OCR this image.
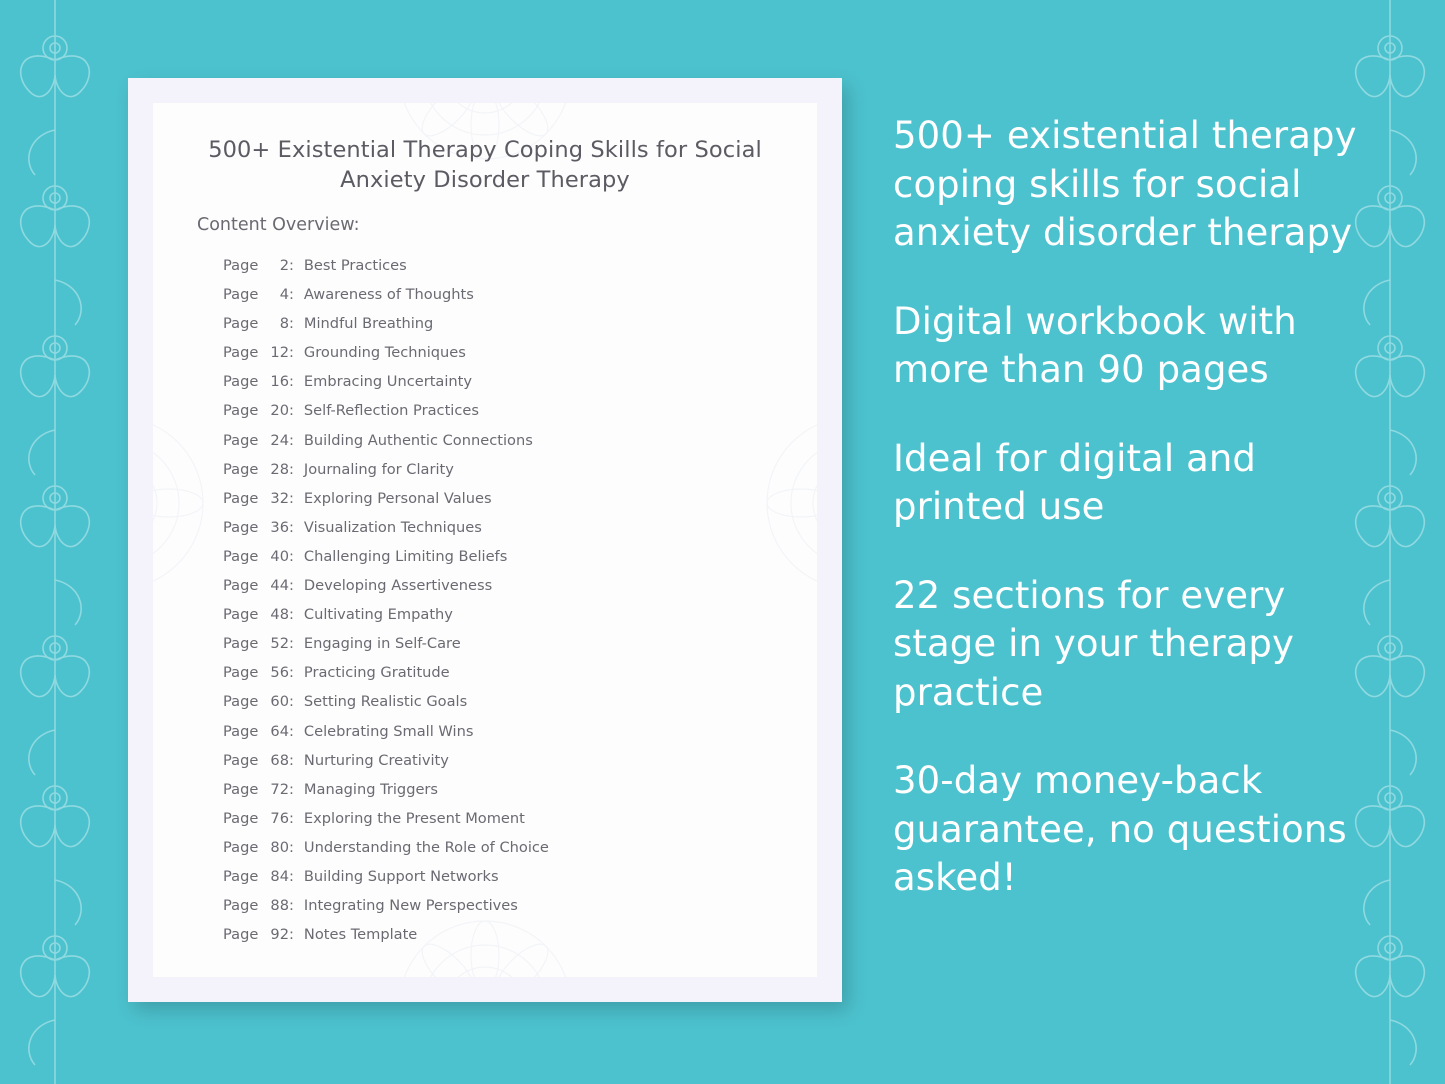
500+ Existential Therapy Coping Skills for Social Anxiety Disorder Therapy
Content Overview:
Page 2: Best Practices
Page 4: Awareness of Thoughts
Page 8: Mindful Breathing
Page 12: Grounding Techniques
Page 16: Embracing Uncertainty
Page 20: Self-Reflection Practices
Page 24: Building Authentic Connections
Page 28: Journaling for Clarity
Page 32: Exploring Personal Values
Page 36: Visualization Techniques
Page 40: Challenging Limiting Beliefs
Page 44: Developing Assertiveness
Page 48: Cultivating Empathy
Page 52: Engaging in Self-Care
Page 56: Practicing Gratitude
Page 60: Setting Realistic Goals
Page 64: Celebrating Small Wins
Page 68: Nurturing Creativity
Page 72: Managing Triggers
Page 76: Exploring the Present Moment
Page 80: Understanding the Role of Choice
Page 84: Building Support Networks
Page 88: Integrating New Perspectives
Page 92: Notes Template
500+ existential therapy coping skills for social anxiety disorder therapy
Digital workbook with more than 90 pages
Ideal for digital and printed use
22 sections for every stage in your therapy practice
30-day money-back guarantee, no questions asked!
